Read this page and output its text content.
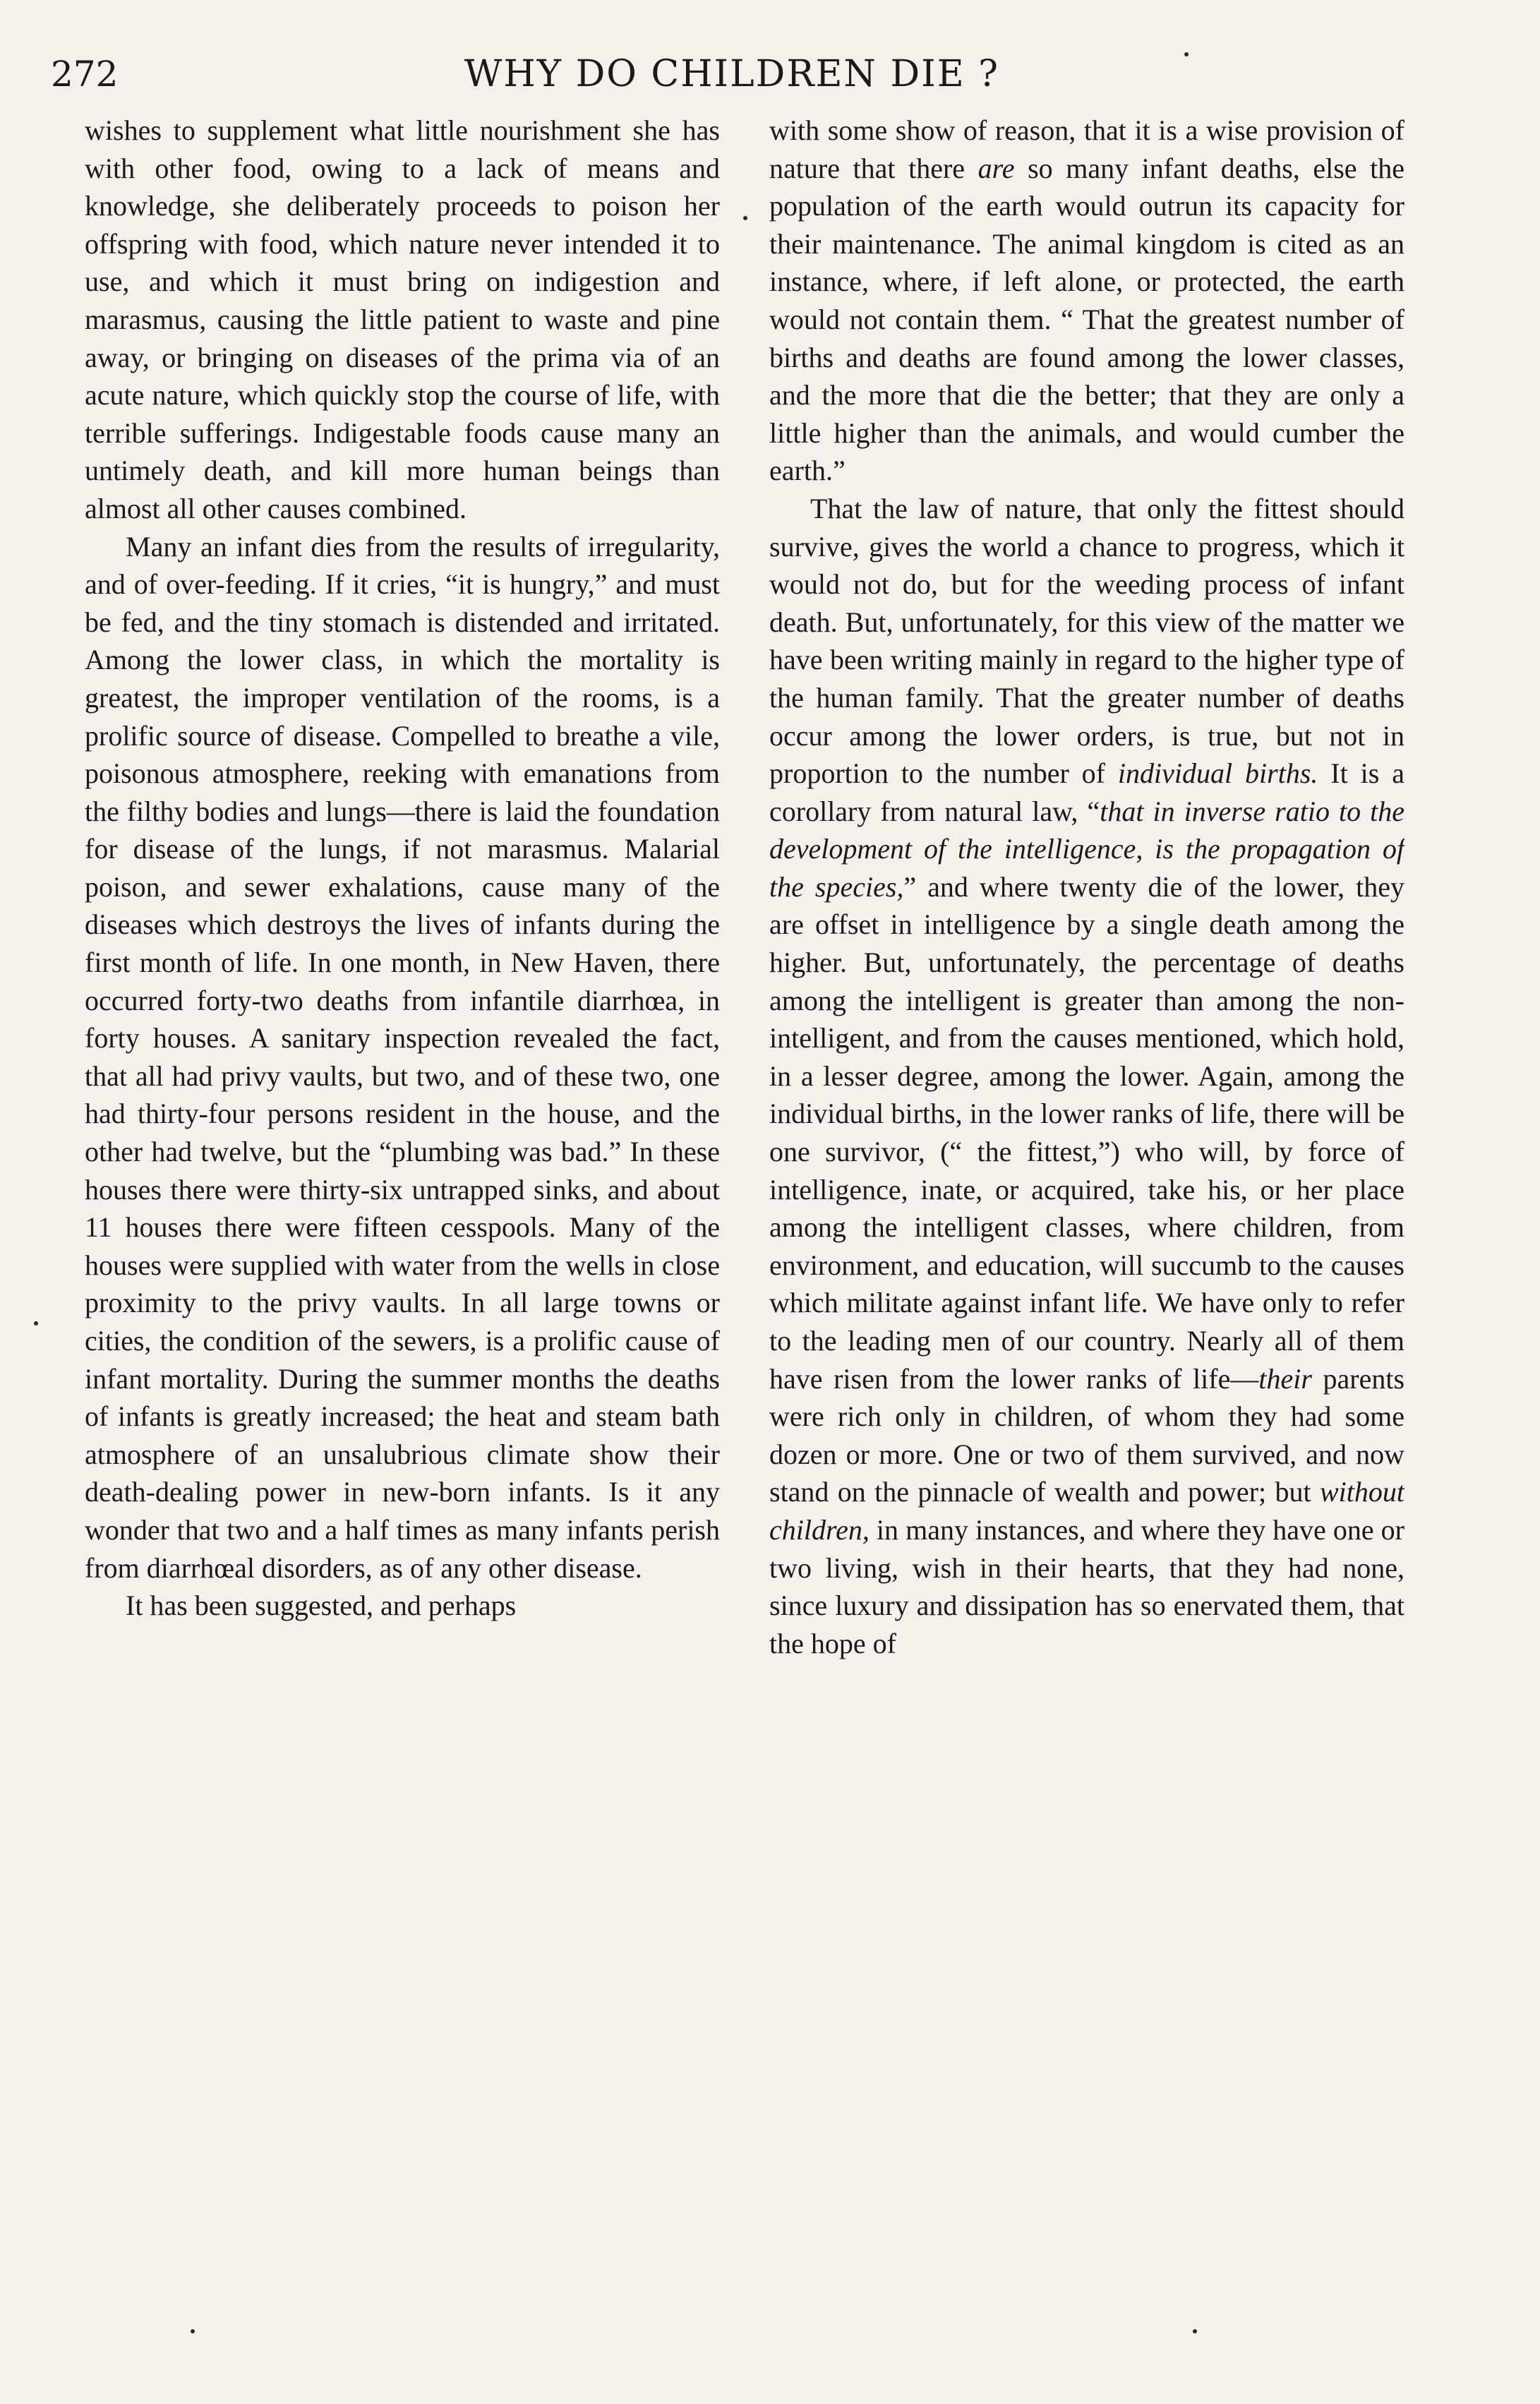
272	WHY DO CHILDREN DIE ?

wishes to supplement what little nourishment she has with other food, owing to a lack of means and knowledge, she deliberately proceeds to poison her offspring with food, which nature never intended it to use, and which it must bring on indigestion and marasmus, causing the little patient to waste and pine away, or bringing on diseases of the prima via of an acute nature, which quickly stop the course of life, with terrible sufferings. Indigestable foods cause many an untimely death, and kill more human beings than almost all other causes combined.

Many an infant dies from the results of irregularity, and of over-feeding. If it cries, “it is hungry,” and must be fed, and the tiny stomach is distended and irritated. Among the lower class, in which the mortality is greatest, the improper ventilation of the rooms, is a prolific source of disease. Compelled to breathe a vile, poisonous atmosphere, reeking with emanations from the filthy bodies and lungs—there is laid the foundation for disease of the lungs, if not marasmus. Malarial poison, and sewer exhalations, cause many of the diseases which destroys the lives of infants during the first month of life. In one month, in New Haven, there occurred forty-two deaths from infantile diarrhœa, in forty houses. A sanitary inspection revealed the fact, that all had privy vaults, but two, and of these two, one had thirty-four persons resident in the house, and the other had twelve, but the “plumbing was bad.” In these houses there were thirty-six untrapped sinks, and about 11 houses there were fifteen cesspools. Many of the houses were supplied with water from the wells in close proximity to the privy vaults. In all large towns or cities, the condition of the sewers, is a prolific cause of infant mortality. During the summer months the deaths of infants is greatly increased; the heat and steam bath atmosphere of an unsalubrious climate show their death-dealing power in new-born infants. Is it any wonder that two and a half times as many infants perish from diarrhœal disorders, as of any other disease.

It has been suggested, and perhaps

with some show of reason, that it is a wise provision of nature that there are so many infant deaths, else the population of the earth would outrun its capacity for their maintenance. The animal kingdom is cited as an instance, where, if left alone, or protected, the earth would not contain them. “ That the greatest number of births and deaths are found among the lower classes, and the more that die the better; that they are only a little higher than the animals, and would cumber the earth.”

That the law of nature, that only the fittest should survive, gives the world a chance to progress, which it would not do, but for the weeding process of infant death. But, unfortunately, for this view of the matter we have been writing mainly in regard to the higher type of the human family. That the greater number of deaths occur among the lower orders, is true, but not in proportion to the number of individual births. It is a corollary from natural law, “that in inverse ratio to the development of the intelligence, is the propagation of the species,” and where twenty die of the lower, they are offset in intelligence by a single death among the higher. But, unfortunately, the percentage of deaths among the intelligent is greater than among the non-intelligent, and from the causes mentioned, which hold, in a lesser degree, among the lower. Again, among the individual births, in the lower ranks of life, there will be one survivor, (“ the fittest,”) who will, by force of intelligence, inate, or acquired, take his, or her place among the intelligent classes, where children, from environment, and education, will succumb to the causes which militate against infant life. We have only to refer to the leading men of our country. Nearly all of them have risen from the lower ranks of life—their parents were rich only in children, of whom they had some dozen or more. One or two of them survived, and now stand on the pinnacle of wealth and power; but without children, in many instances, and where they have one or two living, wish in their hearts, that they had none, since luxury and dissipation has so enervated them, that the hope of
